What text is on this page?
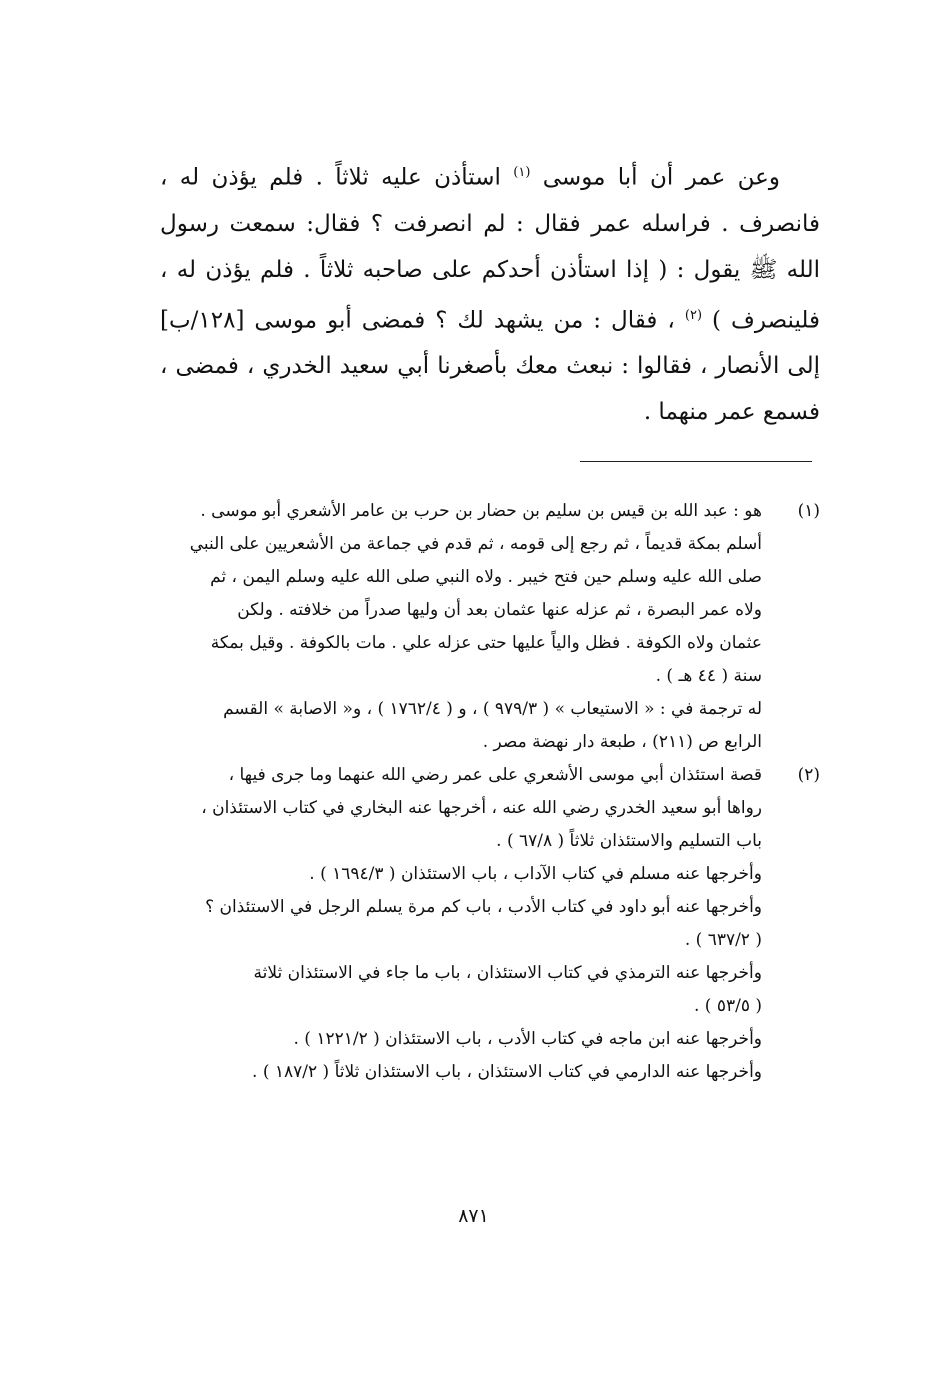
وعن عمر أن أبا موسى $^{(١)}$ استأذن عليه ثلاثاً . فلم يؤذن له ، فانصرف . فراسله عمر فقال : لم انصرفت ؟ فقال: سمعت رسول الله ﷺ يقول : ( إذا استأذن أحدكم على صاحبه ثلاثاً . فلم يؤذن له ، فلينصرف ) $^{(٢)}$ ، فقال : من يشهد لك ؟ فمضى أبو موسى [١٢٨/ب] إلى الأنصار ، فقالوا : نبعث معك بأصغرنا أبي سعيد الخدري ، فمضى ، فسمع عمر منهما .

(١)
هو : عبد الله بن قيس بن سليم بن حضار بن حرب بن عامر الأشعري أبو موسى .
أسلم بمكة قديماً ، ثم رجع إلى قومه ، ثم قدم في جماعة من الأشعريين على النبي
صلى الله عليه وسلم حين فتح خيبر . ولاه النبي صلى الله عليه وسلم اليمن ، ثم
ولاه عمر البصرة ، ثم عزله عنها عثمان بعد أن وليها صدراً من خلافته . ولكن
عثمان ولاه الكوفة . فظل والياً عليها حتى عزله علي . مات بالكوفة . وقيل بمكة
سنة ( ٤٤ هـ ) .
له ترجمة في : « الاستيعاب » ( ٩٧٩/٣ ) ، و ( ١٧٦٢/٤ ) ، و« الاصابة » القسم
الرابع ص (٢١١) ، طبعة دار نهضة مصر .
(٢)
قصة استئذان أبي موسى الأشعري على عمر رضي الله عنهما وما جرى فيها ،
رواها أبو سعيد الخدري رضي الله عنه ، أخرجها عنه البخاري في كتاب الاستئذان ،
باب التسليم والاستئذان ثلاثاً ( ٦٧/٨ ) .
وأخرجها عنه مسلم في كتاب الآداب ، باب الاستئذان ( ١٦٩٤/٣ ) .
وأخرجها عنه أبو داود في كتاب الأدب ، باب كم مرة يسلم الرجل في الاستئذان ؟
( ٦٣٧/٢ ) .
وأخرجها عنه الترمذي في كتاب الاستئذان ، باب ما جاء في الاستئذان ثلاثة
( ٥٣/٥ ) .
وأخرجها عنه ابن ماجه في كتاب الأدب ، باب الاستئذان ( ١٢٢١/٢ ) .
وأخرجها عنه الدارمي في كتاب الاستئذان ، باب الاستئذان ثلاثاً ( ١٨٧/٢ ) .
٨٧١
